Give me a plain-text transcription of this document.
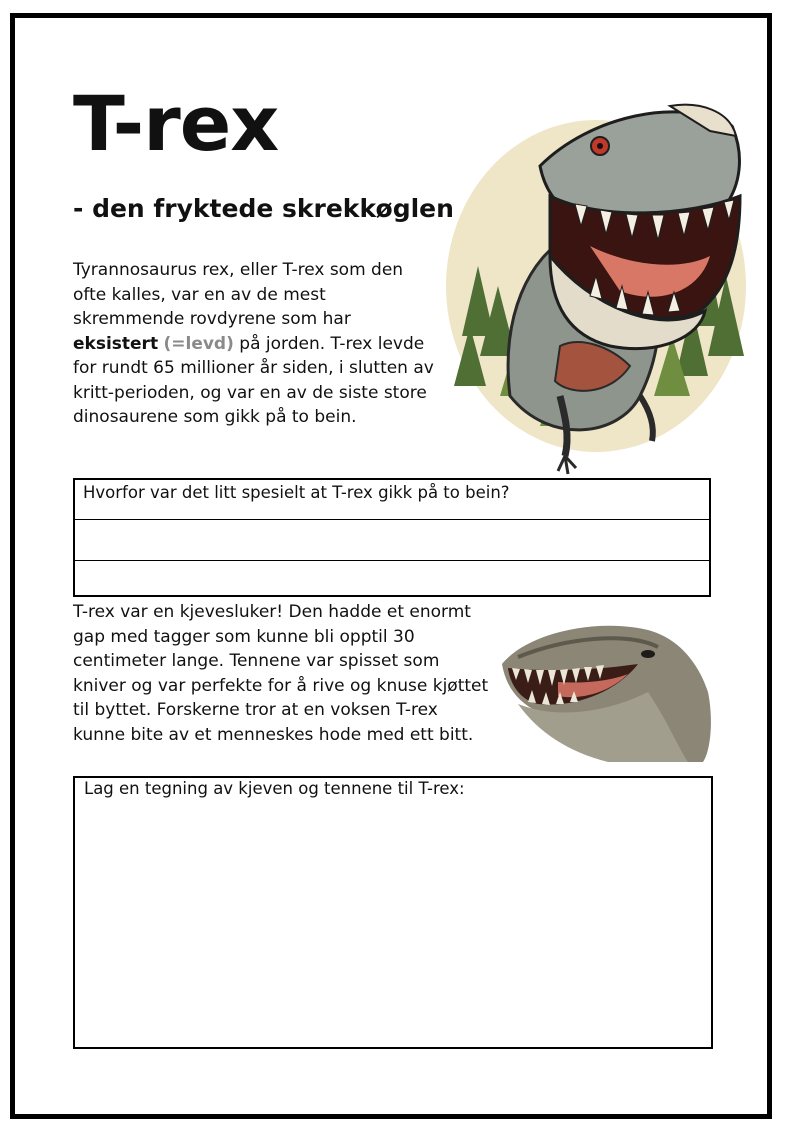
T-rex
- den fryktede skrekkøglen

Tyrannosaurus rex, eller T-rex som den ofte kalles, var en av de mest skremmende rovdyrene som har eksistert (=levd) på jorden. T-rex levde for rundt 65 millioner år siden, i slutten av kritt-perioden, og var en av de siste store dinosaurene som gikk på to bein.

Hvorfor var det litt spesielt at T-rex gikk på to bein?

T-rex var en kjevesluker! Den hadde et enormt gap med tagger som kunne bli opptil 30 centimeter lange. Tennene var spisset som kniver og var perfekte for å rive og knuse kjøttet til byttet. Forskerne tror at en voksen T-rex kunne bite av et menneskes hode med ett bitt.

Lag en tegning av kjeven og tennene til T-rex:
